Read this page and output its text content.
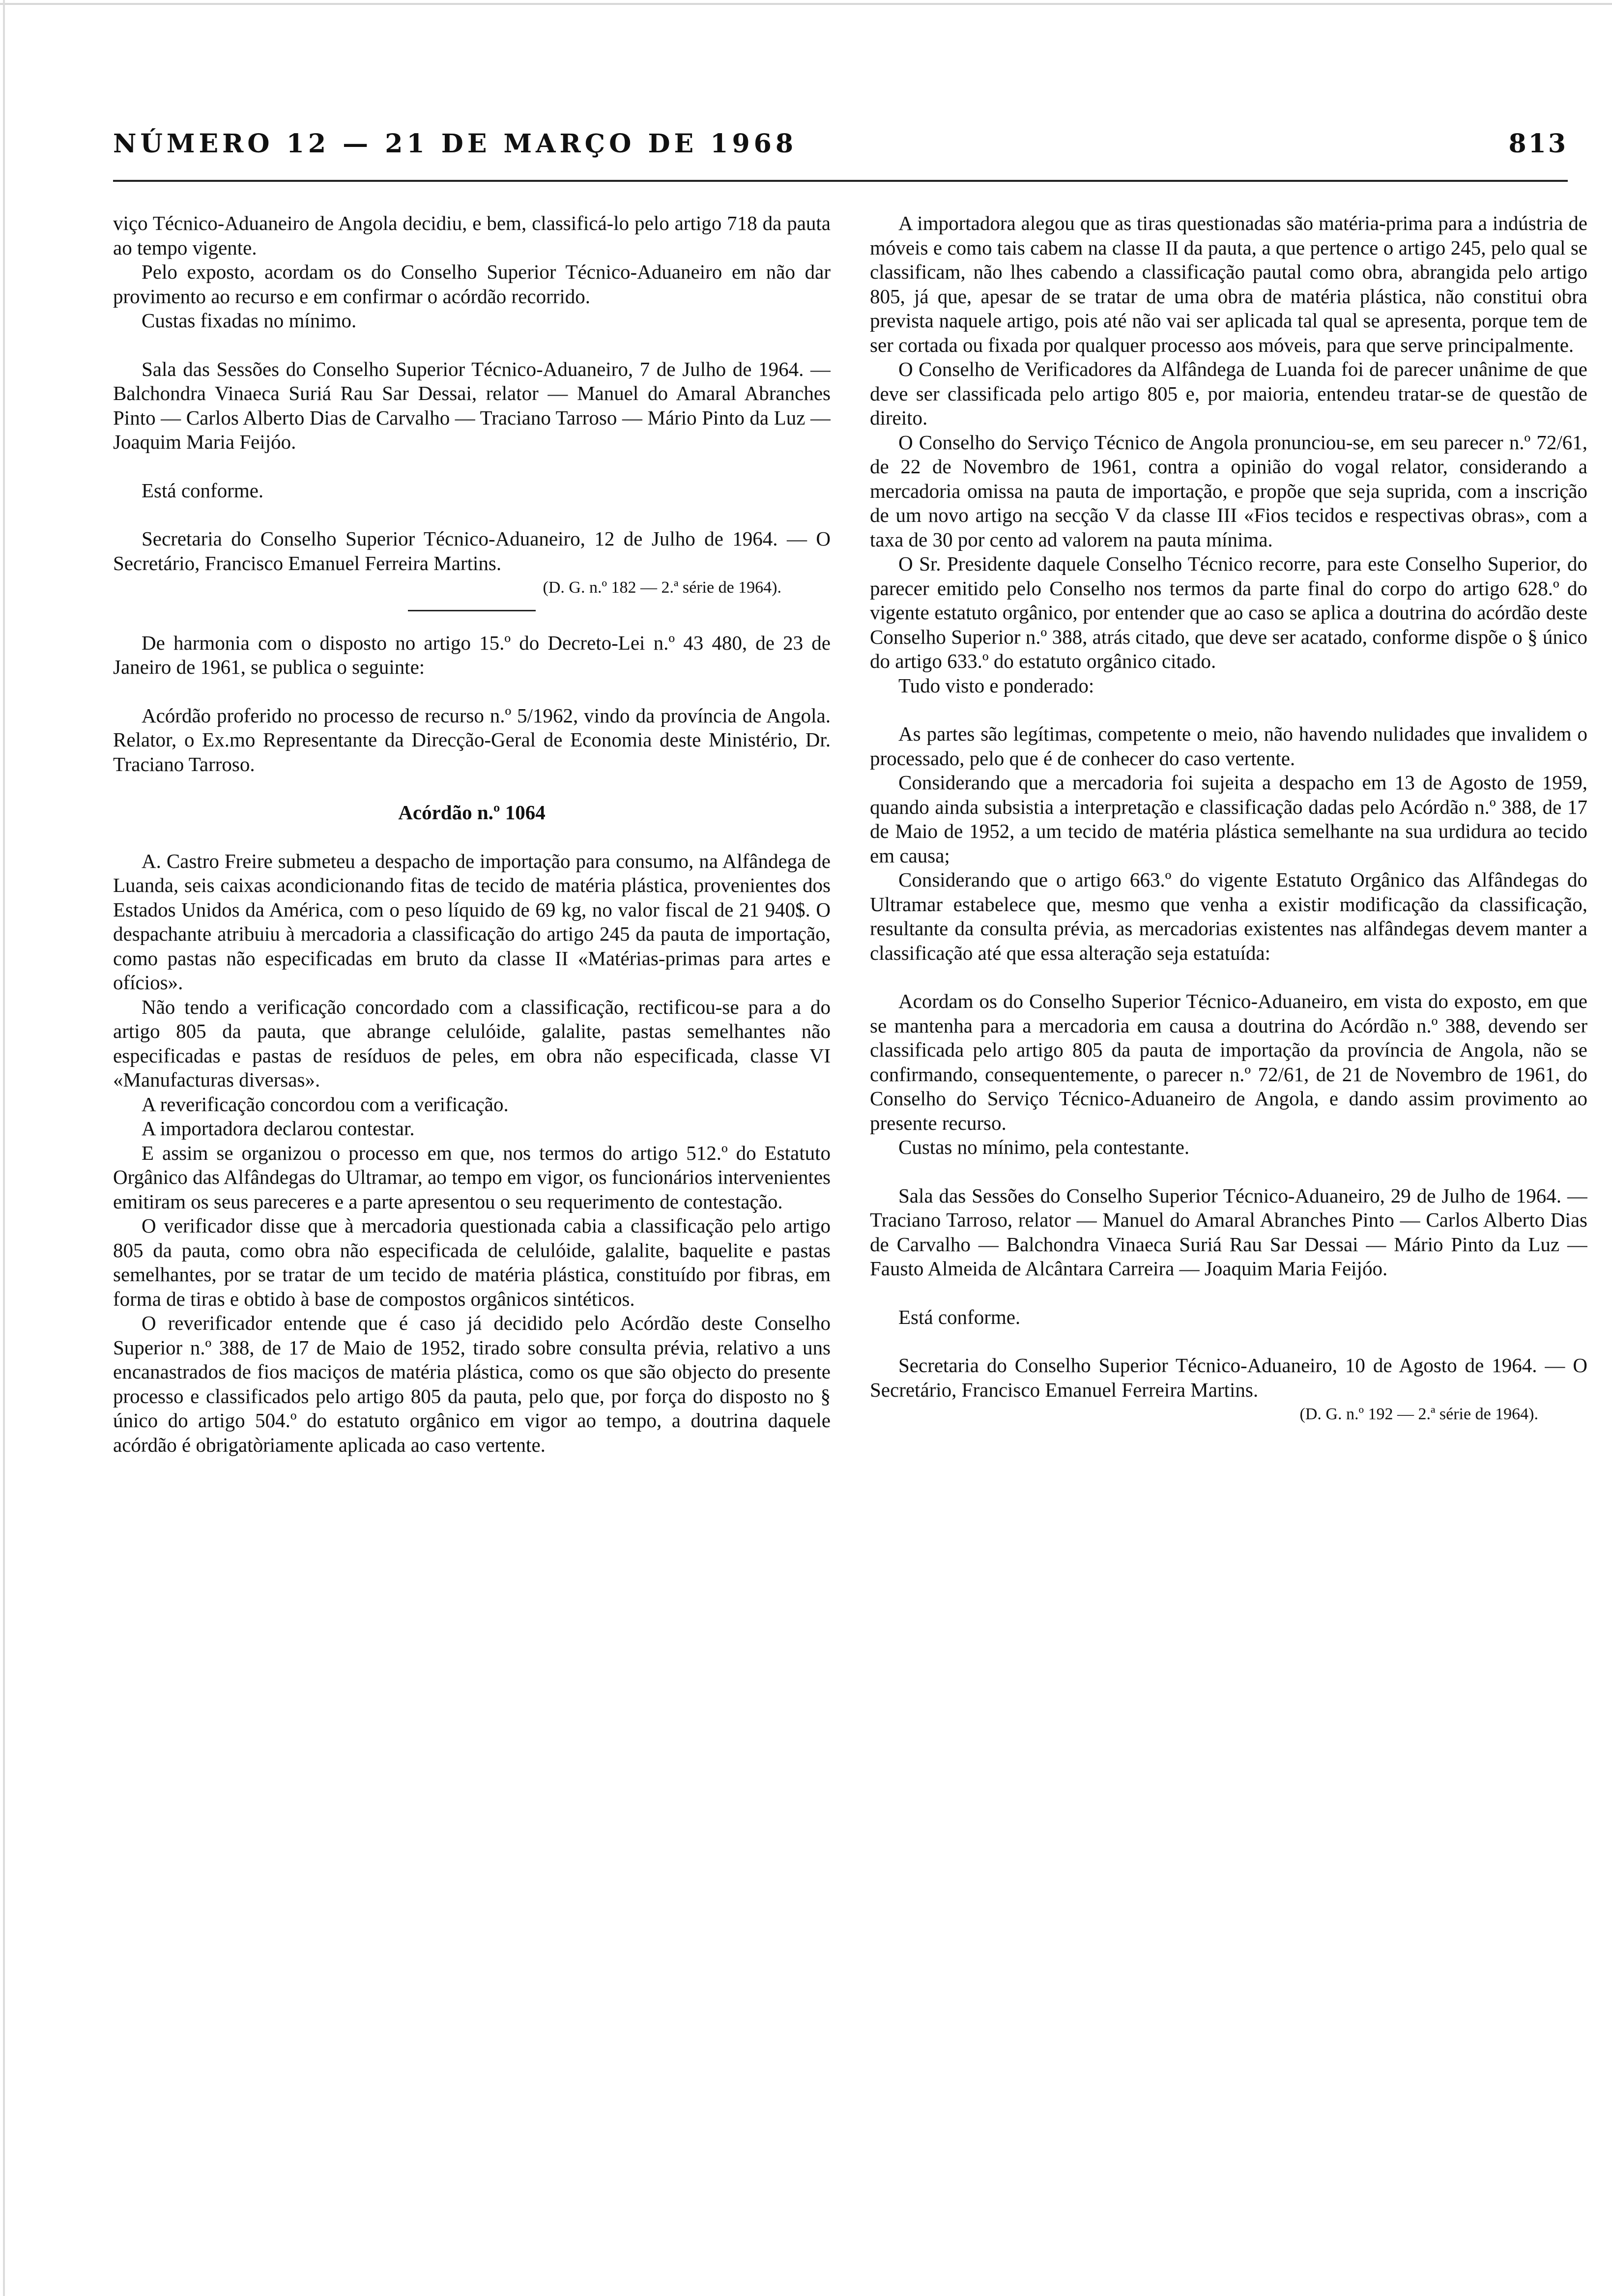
NÚMERO 12 — 21 DE MARÇO DE 1968	813

viço Técnico-Aduaneiro de Angola decidiu, e bem, classificá-lo pelo artigo 718 da pauta ao tempo vigente.

Pelo exposto, acordam os do Conselho Superior Técnico-Aduaneiro em não dar provimento ao recurso e em confirmar o acórdão recorrido.

Custas fixadas no mínimo.

Sala das Sessões do Conselho Superior Técnico-Aduaneiro, 7 de Julho de 1964. — Balchondra Vinaeca Suriá Rau Sar Dessai, relator — Manuel do Amaral Abranches Pinto — Carlos Alberto Dias de Carvalho — Traciano Tarroso — Mário Pinto da Luz — Joaquim Maria Feijóo.

Está conforme.

Secretaria do Conselho Superior Técnico-Aduaneiro, 12 de Julho de 1964. — O Secretário, Francisco Emanuel Ferreira Martins.

(D. G. n.º 182 — 2.ª série de 1964).

De harmonia com o disposto no artigo 15.º do Decreto-Lei n.º 43 480, de 23 de Janeiro de 1961, se publica o seguinte:

Acórdão proferido no processo de recurso n.º 5/1962, vindo da província de Angola. Relator, o Ex.mo Representante da Direcção-Geral de Economia deste Ministério, Dr. Traciano Tarroso.

Acórdão n.º 1064

A. Castro Freire submeteu a despacho de importação para consumo, na Alfândega de Luanda, seis caixas acondicionando fitas de tecido de matéria plástica, provenientes dos Estados Unidos da América, com o peso líquido de 69 kg, no valor fiscal de 21 940$. O despachante atribuiu à mercadoria a classificação do artigo 245 da pauta de importação, como pastas não especificadas em bruto da classe II «Matérias-primas para artes e ofícios».

Não tendo a verificação concordado com a classificação, rectificou-se para a do artigo 805 da pauta, que abrange celulóide, galalite, pastas semelhantes não especificadas e pastas de resíduos de peles, em obra não especificada, classe VI «Manufacturas diversas».

A reverificação concordou com a verificação.

A importadora declarou contestar.

E assim se organizou o processo em que, nos termos do artigo 512.º do Estatuto Orgânico das Alfândegas do Ultramar, ao tempo em vigor, os funcionários intervenientes emitiram os seus pareceres e a parte apresentou o seu requerimento de contestação.

O verificador disse que à mercadoria questionada cabia a classificação pelo artigo 805 da pauta, como obra não especificada de celulóide, galalite, baquelite e pastas semelhantes, por se tratar de um tecido de matéria plástica, constituído por fibras, em forma de tiras e obtido à base de compostos orgânicos sintéticos.

O reverificador entende que é caso já decidido pelo Acórdão deste Conselho Superior n.º 388, de 17 de Maio de 1952, tirado sobre consulta prévia, relativo a uns encanastrados de fios maciços de matéria plástica, como os que são objecto do presente processo e classificados pelo artigo 805 da pauta, pelo que, por força do disposto no § único do artigo 504.º do estatuto orgânico em vigor ao tempo, a doutrina daquele acórdão é obrigatòriamente aplicada ao caso vertente.

A importadora alegou que as tiras questionadas são matéria-prima para a indústria de móveis e como tais cabem na classe II da pauta, a que pertence o artigo 245, pelo qual se classificam, não lhes cabendo a classificação pautal como obra, abrangida pelo artigo 805, já que, apesar de se tratar de uma obra de matéria plástica, não constitui obra prevista naquele artigo, pois até não vai ser aplicada tal qual se apresenta, porque tem de ser cortada ou fixada por qualquer processo aos móveis, para que serve principalmente.

O Conselho de Verificadores da Alfândega de Luanda foi de parecer unânime de que deve ser classificada pelo artigo 805 e, por maioria, entendeu tratar-se de questão de direito.

O Conselho do Serviço Técnico de Angola pronunciou-se, em seu parecer n.º 72/61, de 22 de Novembro de 1961, contra a opinião do vogal relator, considerando a mercadoria omissa na pauta de importação, e propõe que seja suprida, com a inscrição de um novo artigo na secção V da classe III «Fios tecidos e respectivas obras», com a taxa de 30 por cento ad valorem na pauta mínima.

O Sr. Presidente daquele Conselho Técnico recorre, para este Conselho Superior, do parecer emitido pelo Conselho nos termos da parte final do corpo do artigo 628.º do vigente estatuto orgânico, por entender que ao caso se aplica a doutrina do acórdão deste Conselho Superior n.º 388, atrás citado, que deve ser acatado, conforme dispõe o § único do artigo 633.º do estatuto orgânico citado.

Tudo visto e ponderado:

As partes são legítimas, competente o meio, não havendo nulidades que invalidem o processado, pelo que é de conhecer do caso vertente.

Considerando que a mercadoria foi sujeita a despacho em 13 de Agosto de 1959, quando ainda subsistia a interpretação e classificação dadas pelo Acórdão n.º 388, de 17 de Maio de 1952, a um tecido de matéria plástica semelhante na sua urdidura ao tecido em causa;

Considerando que o artigo 663.º do vigente Estatuto Orgânico das Alfândegas do Ultramar estabelece que, mesmo que venha a existir modificação da classificação, resultante da consulta prévia, as mercadorias existentes nas alfândegas devem manter a classificação até que essa alteração seja estatuída:

Acordam os do Conselho Superior Técnico-Aduaneiro, em vista do exposto, em que se mantenha para a mercadoria em causa a doutrina do Acórdão n.º 388, devendo ser classificada pelo artigo 805 da pauta de importação da província de Angola, não se confirmando, consequentemente, o parecer n.º 72/61, de 21 de Novembro de 1961, do Conselho do Serviço Técnico-Aduaneiro de Angola, e dando assim provimento ao presente recurso.

Custas no mínimo, pela contestante.

Sala das Sessões do Conselho Superior Técnico-Aduaneiro, 29 de Julho de 1964. — Traciano Tarroso, relator — Manuel do Amaral Abranches Pinto — Carlos Alberto Dias de Carvalho — Balchondra Vinaeca Suriá Rau Sar Dessai — Mário Pinto da Luz — Fausto Almeida de Alcântara Carreira — Joaquim Maria Feijóo.

Está conforme.

Secretaria do Conselho Superior Técnico-Aduaneiro, 10 de Agosto de 1964. — O Secretário, Francisco Emanuel Ferreira Martins.

(D. G. n.º 192 — 2.ª série de 1964).
